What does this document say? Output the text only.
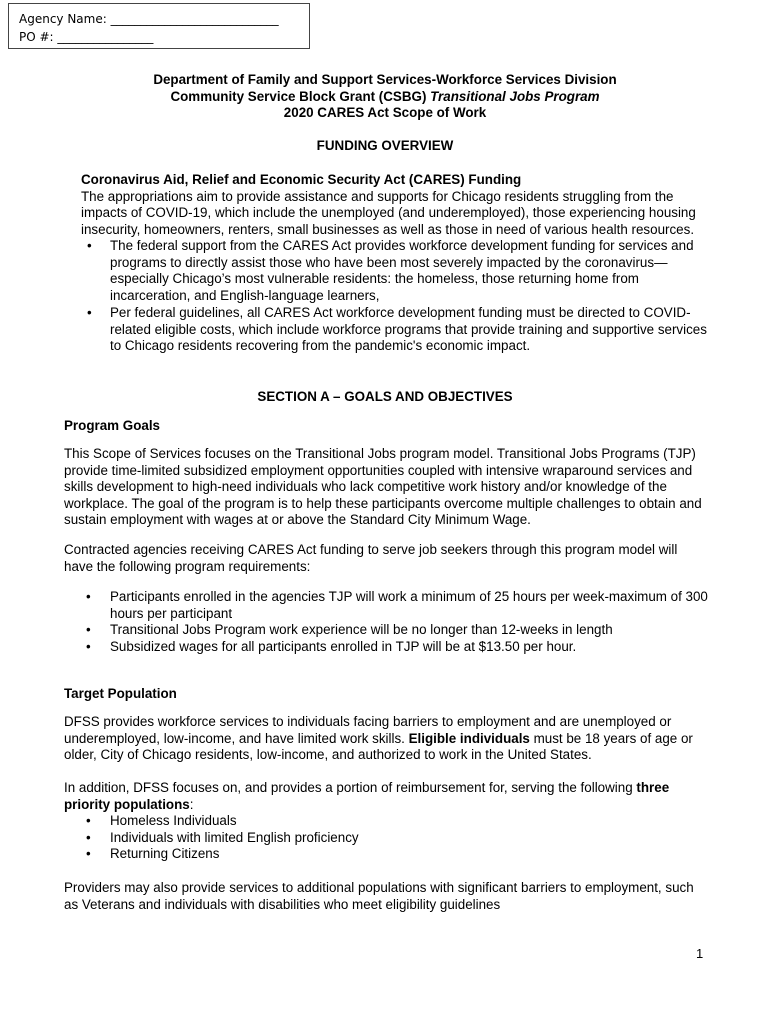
Agency Name: ____________________________
PO #: ________________
Department of Family and Support Services-Workforce Services Division
Community Service Block Grant (CSBG) Transitional Jobs Program
2020 CARES Act Scope of Work
FUNDING OVERVIEW
Coronavirus Aid, Relief and Economic Security Act (CARES) Funding
The appropriations aim to provide assistance and supports for Chicago residents struggling from the impacts of COVID-19, which include the unemployed (and underemployed), those experiencing housing insecurity, homeowners, renters, small businesses as well as those in need of various health resources.
• The federal support from the CARES Act provides workforce development funding for services and programs to directly assist those who have been most severely impacted by the coronavirus—especially Chicago’s most vulnerable residents: the homeless, those returning home from incarceration, and English-language learners,
• Per federal guidelines, all CARES Act workforce development funding must be directed to COVID-related eligible costs, which include workforce programs that provide training and supportive services to Chicago residents recovering from the pandemic's economic impact.
SECTION A – GOALS AND OBJECTIVES
Program Goals
This Scope of Services focuses on the Transitional Jobs program model. Transitional Jobs Programs (TJP) provide time-limited subsidized employment opportunities coupled with intensive wraparound services and skills development to high-need individuals who lack competitive work history and/or knowledge of the workplace. The goal of the program is to help these participants overcome multiple challenges to obtain and sustain employment with wages at or above the Standard City Minimum Wage.
Contracted agencies receiving CARES Act funding to serve job seekers through this program model will have the following program requirements:
• Participants enrolled in the agencies TJP will work a minimum of 25 hours per week-maximum of 300 hours per participant
• Transitional Jobs Program work experience will be no longer than 12-weeks in length
• Subsidized wages for all participants enrolled in TJP will be at $13.50 per hour.
Target Population
DFSS provides workforce services to individuals facing barriers to employment and are unemployed or underemployed, low-income, and have limited work skills. Eligible individuals must be 18 years of age or older, City of Chicago residents, low-income, and authorized to work in the United States.
In addition, DFSS focuses on, and provides a portion of reimbursement for, serving the following three priority populations:
• Homeless Individuals
• Individuals with limited English proficiency
• Returning Citizens
Providers may also provide services to additional populations with significant barriers to employment, such as Veterans and individuals with disabilities who meet eligibility guidelines
1
